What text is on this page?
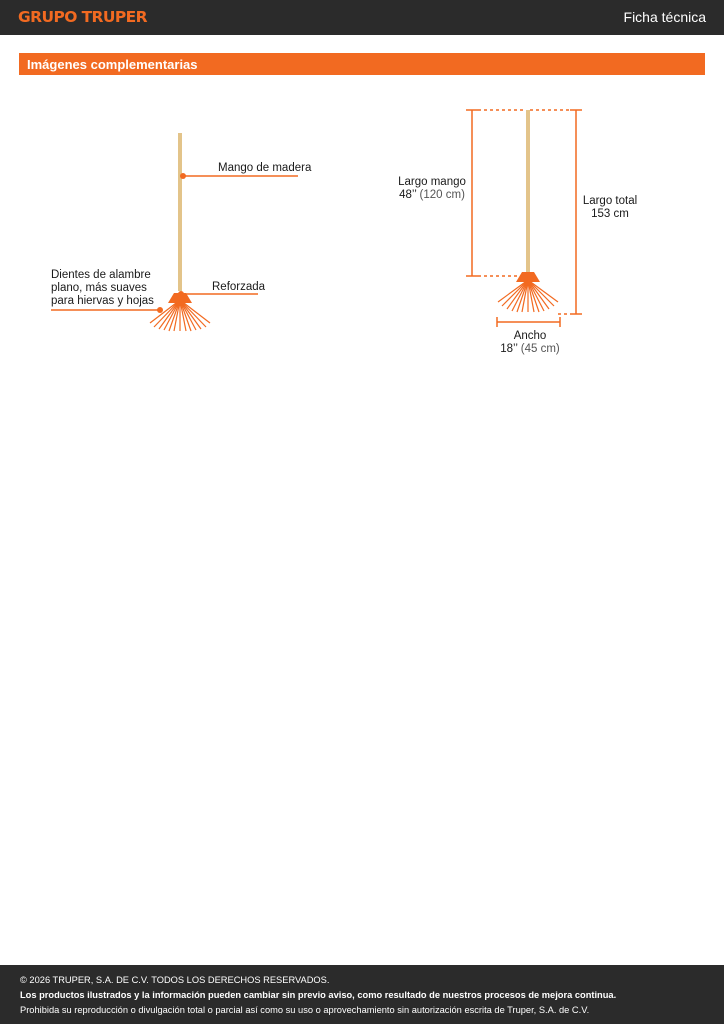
GRUPO TRUPER	Ficha técnica
Imágenes complementarias
Mango de madera
Reforzada
Dientes de alambre
plano, más suaves
para hiervas y hojas
Largo mango
48’’ (120 cm)	Largo total
153 cm
Ancho
18’’ (45 cm)

© 2026 TRUPER, S.A. DE C.V. TODOS LOS DERECHOS RESERVADOS.

Los productos ilustrados y la información pueden cambiar sin previo aviso, como resultado de nuestros procesos de mejora continua.

Prohibida su reproducción o divulgación total o parcial así como su uso o aprovechamiento sin autorización escrita de Truper, S.A. de C.V.
